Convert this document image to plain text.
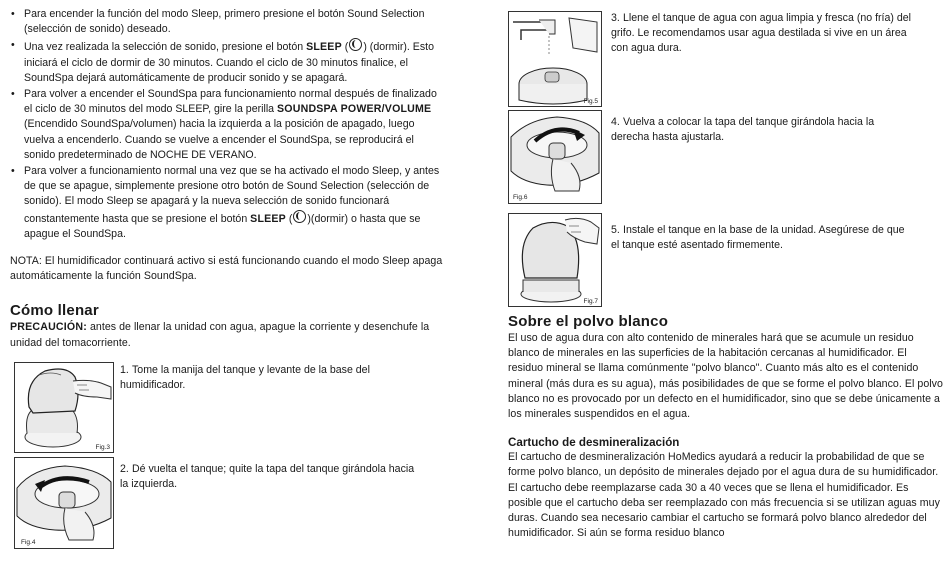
• Para encender la función del modo Sleep, primero presione el botón Sound Selection (selección de sonido) deseado.
• Una vez realizada la selección de sonido, presione el botón SLEEP ( ) (dormir). Esto iniciará el ciclo de dormir de 30 minutos. Cuando el ciclo de 30 minutos finalice, el SoundSpa dejará automáticamente de producir sonido y se apagará.
• Para volver a encender el SoundSpa para funcionamiento normal después de finalizado el ciclo de 30 minutos del modo SLEEP, gire la perilla SOUNDSPA POWER/VOLUME (Encendido SoundSpa/volumen) hacia la izquierda a la posición de apagado, luego vuelva a encenderlo. Cuando se vuelve a encender el SoundSpa, se reproducirá el sonido predeterminado de NOCHE DE VERANO.
• Para volver a funcionamiento normal una vez que se ha activado el modo Sleep, y antes de que se apague, simplemente presione otro botón de Sound Selection (selección de sonido). El modo Sleep se apagará y la nueva selección de sonido funcionará constantemente hasta que se presione el botón SLEEP ( )(dormir) o hasta que se apague el SoundSpa.

NOTA: El humidificador continuará activo si está funcionando cuando el modo Sleep apaga automáticamente la función SoundSpa.

Cómo llenar

PRECAUCIÓN: antes de llenar la unidad con agua, apague la corriente y desenchufe la unidad del tomacorriente.

Fig.3
1. Tome la manija del tanque y levante de la base del humidificador.
Fig.4
2. Dé vuelta el tanque; quite la tapa del tanque girándola hacia la izquierda.
Fig.5
3. Llene el tanque de agua con agua limpia y fresca (no fría) del grifo. Le recomendamos usar agua destilada si vive en un área con agua dura.
Fig.6
4. Vuelva a colocar la tapa del tanque girándola hacia la derecha hasta ajustarla.
Fig.7
5. Instale el tanque en la base de la unidad. Asegúrese de que el tanque esté asentado firmemente.
Sobre el polvo blanco

El uso de agua dura con alto contenido de minerales hará que se acumule un residuo blanco de minerales en las superficies de la habitación cercanas al humidificador. El residuo mineral se llama comúnmente "polvo blanco". Cuanto más alto es el contenido mineral (más dura es su agua), más posibilidades de que se forme el polvo blanco. El polvo blanco no es provocado por un defecto en el humidificador, sino que se debe únicamente a los minerales suspendidos en el agua.

Cartucho de desmineralización

El cartucho de desmineralización HoMedics ayudará a reducir la probabilidad de que se forme polvo blanco, un depósito de minerales dejado por el agua dura de su humidificador. El cartucho debe reemplazarse cada 30 a 40 veces que se llena el humidificador. Es posible que el cartucho deba ser reemplazado con más frecuencia si se utilizan aguas muy duras. Cuando sea necesario cambiar el cartucho se formará polvo blanco alrededor del humidificador. Si aún se forma residuo blanco
